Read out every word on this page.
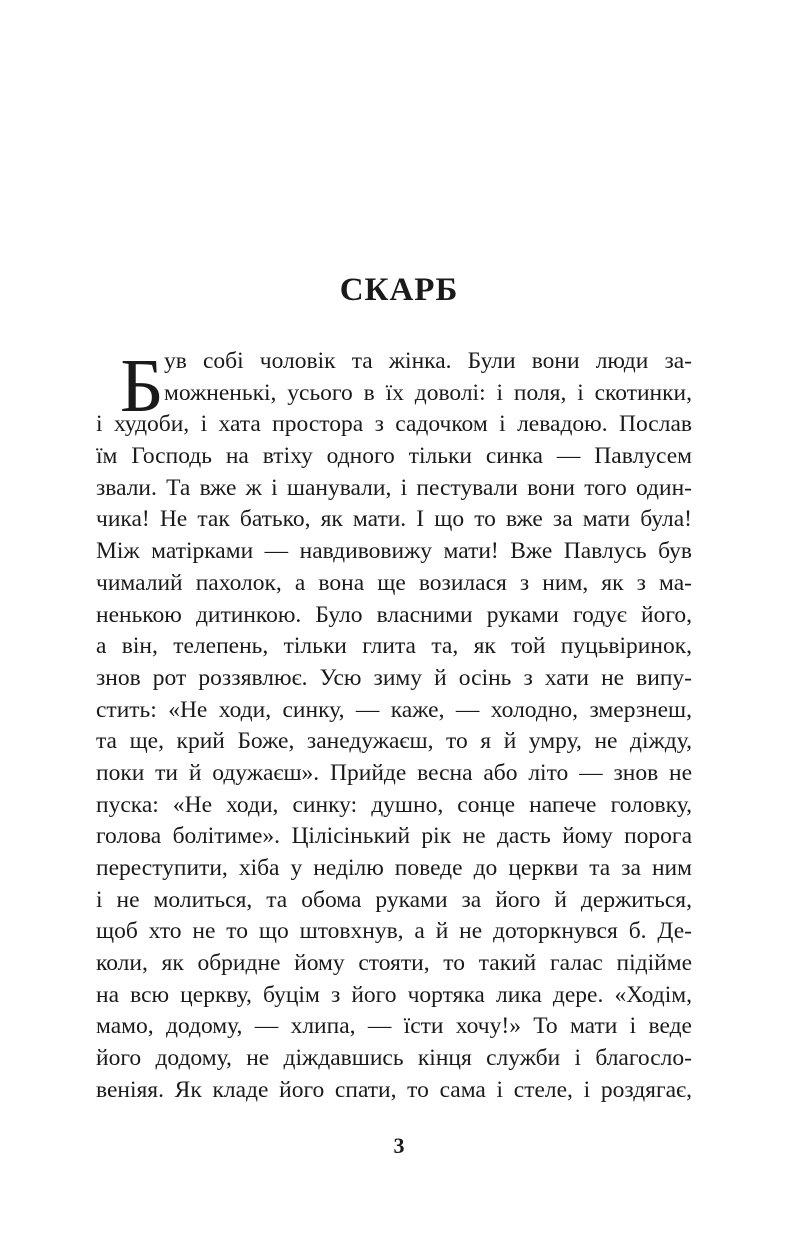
СКАРБ
Б ув собі чоловік та жінка. Були вони люди за-
можненькі, усього в їх доволі: і поля, і скотинки,
і худоби, і хата простора з садочком і левадою. Послав
їм Господь на втіху одного тільки синка — Павлусем
звали. Та вже ж і шанували, і пестували вони того один-
чика! Не так батько, як мати. І що то вже за мати була!
Між матірками — навдивовижу мати! Вже Павлусь був
чималий пахолок, а вона ще возилася з ним, як з ма-
ненькою дитинкою. Було власними руками годує його,
а він, телепень, тільки глита та, як той пуцьвіринок,
знов рот роззявлює. Усю зиму й осінь з хати не випу-
стить: «Не ходи, синку, — каже, — холодно, змерзнеш,
та ще, крий Боже, занедужаєш, то я й умру, не діжду,
поки ти й одужаєш». Прийде весна або літо — знов не
пуска: «Не ходи, синку: душно, сонце напече головку,
голова болітиме». Цілісінький рік не дасть йому порога
переступити, хіба у неділю поведе до церкви та за ним
і не молиться, та обома руками за його й держиться,
щоб хто не то що штовхнув, а й не доторкнувся б. Де-
коли, як обридне йому стояти, то такий галас підійме
на всю церкву, буцім з його чортяка лика дере. «Ходім,
мамо, додому, — хлипа, — їсти хочу!» То мати і веде
його додому, не діждавшись кінця служби і благосло-
веніяя. Як кладе його спати, то сама і стеле, і роздягає,
3
